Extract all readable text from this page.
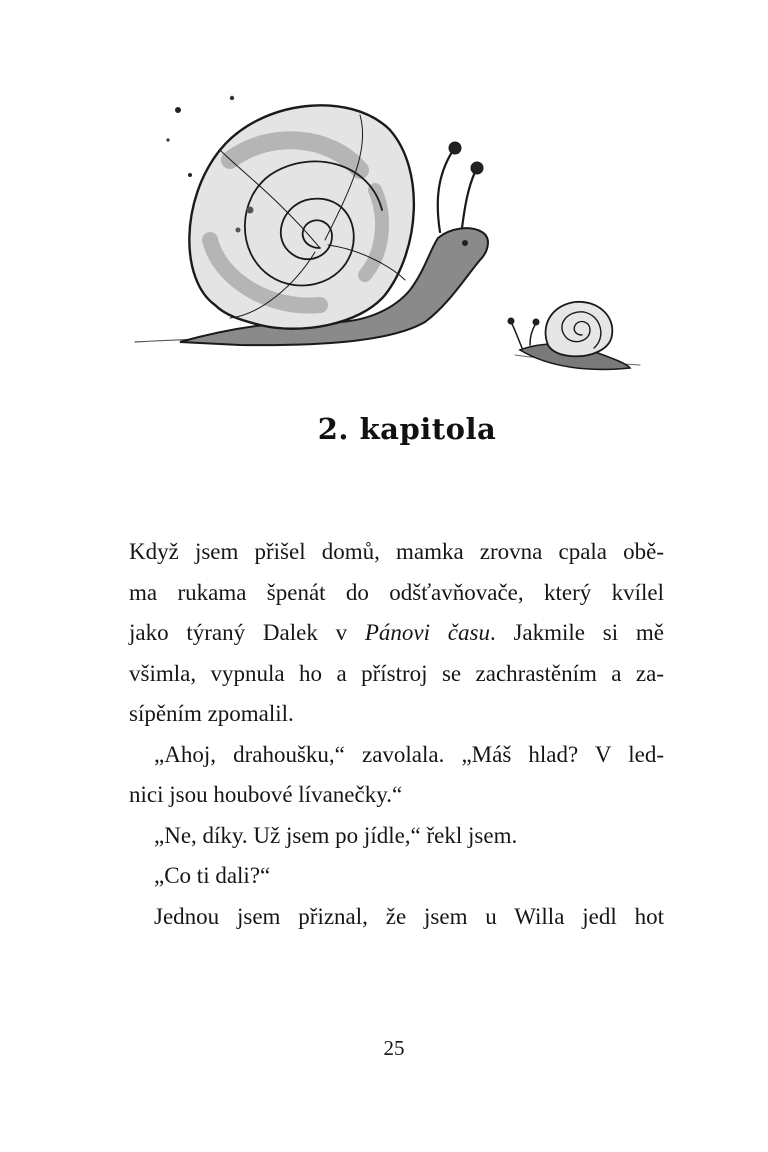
2. kapitola
Když jsem přišel domů, mamka zrovna cpala obě-
ma rukama špenát do odšťavňovače, který kvílel
jako týraný Dalek v Pánovi času. Jakmile si mě
všimla, vypnula ho a přístroj se zachrastěním a za-
sípěním zpomalil.
„Ahoj, drahoušku,“ zavolala. „Máš hlad? V led-
nici jsou houbové lívanečky.“
„Ne, díky. Už jsem po jídle,“ řekl jsem.
„Co ti dali?“
Jednou jsem přiznal, že jsem u Willa jedl hot
25
